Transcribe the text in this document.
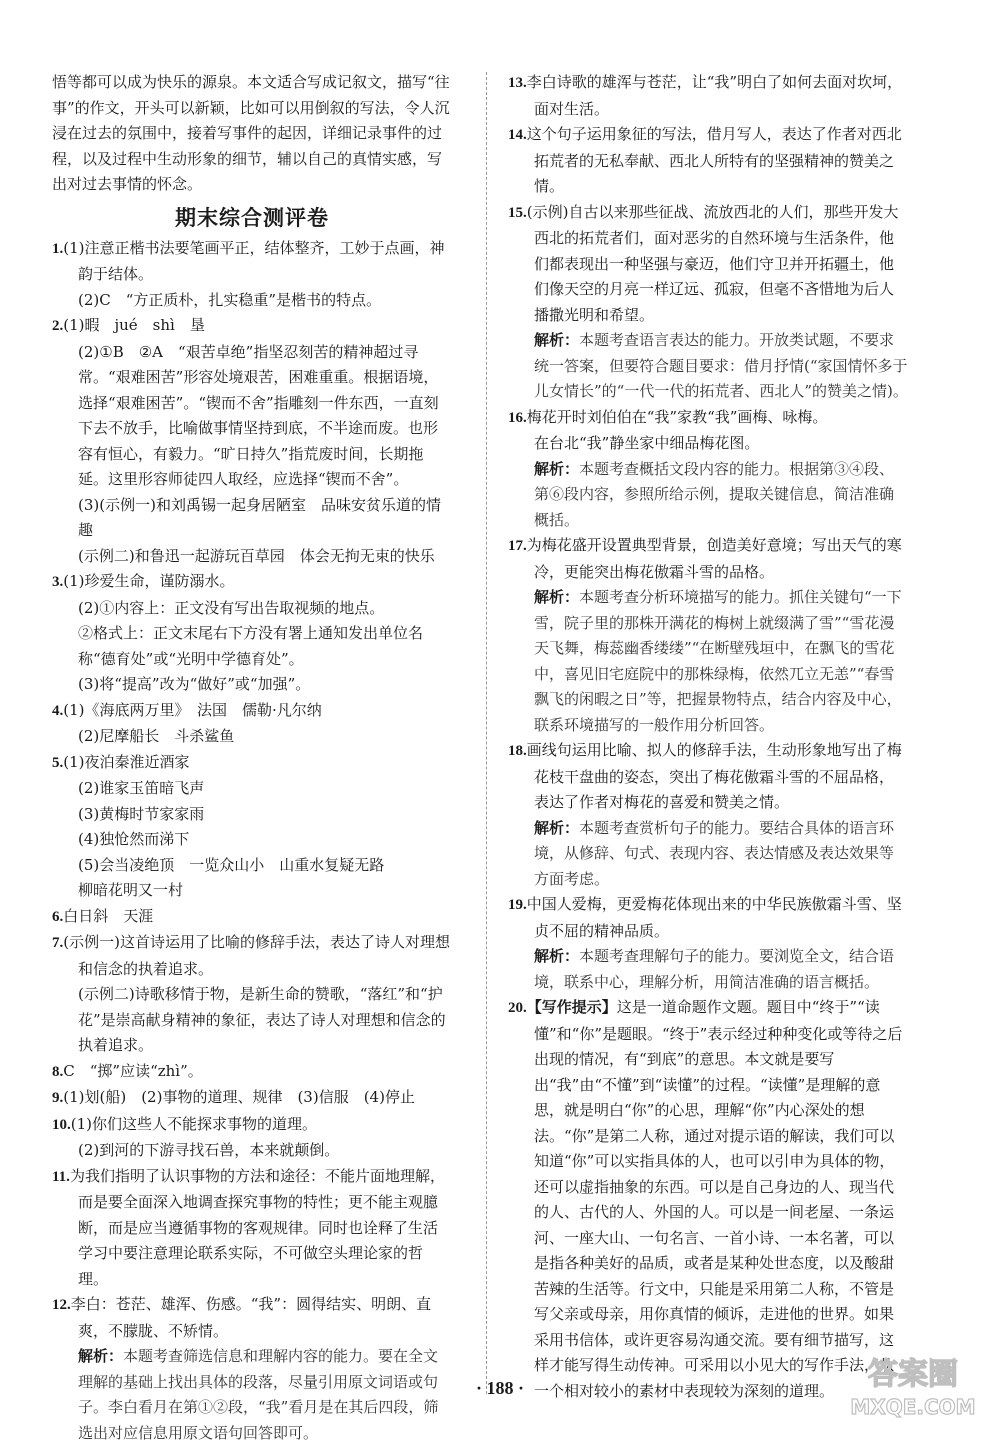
悟等都可以成为快乐的源泉。本文适合写成记叙文，描写“往事”的作文，开头可以新颖，比如可以用倒叙的写法，令人沉浸在过去的氛围中，接着写事件的起因，详细记录事件的过程，以及过程中生动形象的细节，辅以自己的真情实感，写出对过去事情的怀念。

期末综合测评卷

1.(1)注意正楷书法要笔画平正，结体整齐，工妙于点画，神韵于结体。

(2)C　“方正质朴，扎实稳重”是楷书的特点。

2.(1)暇　jué　shì　垦

(2)①B　②A　“艰苦卓绝”指坚忍刻苦的精神超过寻常。“艰难困苦”形容处境艰苦，困难重重。根据语境，选择“艰难困苦”。“锲而不舍”指雕刻一件东西，一直刻下去不放手，比喻做事情坚持到底，不半途而废。也形容有恒心，有毅力。“旷日持久”指荒废时间，长期拖延。这里形容师徒四人取经，应选择“锲而不舍”。

(3)(示例一)和刘禹锡一起身居陋室　品味安贫乐道的情趣

(示例二)和鲁迅一起游玩百草园　体会无拘无束的快乐

3.(1)珍爱生命，谨防溺水。

(2)①内容上：正文没有写出告取视频的地点。

②格式上：正文末尾右下方没有署上通知发出单位名称“德育处”或“光明中学德育处”。

(3)将“提高”改为“做好”或“加强”。

4.(1)《海底两万里》　法国　儒勒·凡尔纳

(2)尼摩船长　斗杀鲨鱼

5.(1)夜泊秦淮近酒家

(2)谁家玉笛暗飞声

(3)黄梅时节家家雨

(4)独怆然而涕下

(5)会当凌绝顶　一览众山小　山重水复疑无路

柳暗花明又一村

6.白日斜　天涯

7.(示例一)这首诗运用了比喻的修辞手法，表达了诗人对理想和信念的执着追求。

(示例二)诗歌移情于物，是新生命的赞歌，“落红”和“护花”是崇高献身精神的象征，表达了诗人对理想和信念的执着追求。

8.C　“掷”应读“zhì”。

9.(1)划(船)　(2)事物的道理、规律　(3)信服　(4)停止

10.(1)你们这些人不能探求事物的道理。

(2)到河的下游寻找石兽，本来就颠倒。

11.为我们指明了认识事物的方法和途径：不能片面地理解，而是要全面深入地调查探究事物的特性；更不能主观臆断，而是应当遵循事物的客观规律。同时也诠释了生活学习中要注意理论联系实际，不可做空头理论家的哲理。

12.李白：苍茫、雄浑、伤感。“我”：圆得结实、明朗、直爽，不朦胧、不矫情。

解析：本题考查筛选信息和理解内容的能力。要在全文理解的基础上找出具体的段落，尽量引用原文词语或句子。李白看月在第①②段，“我”看月是在其后四段，筛选出对应信息用原文语句回答即可。

13.李白诗歌的雄浑与苍茫，让“我”明白了如何去面对坎坷，面对生活。

14.这个句子运用象征的写法，借月写人，表达了作者对西北拓荒者的无私奉献、西北人所特有的坚强精神的赞美之情。

15.(示例)自古以来那些征战、流放西北的人们，那些开发大西北的拓荒者们，面对恶劣的自然环境与生活条件，他们都表现出一种坚强与豪迈，他们守卫并开拓疆土，他们像天空的月亮一样辽远、孤寂，但毫不吝惜地为后人播撒光明和希望。

解析：本题考查语言表达的能力。开放类试题，不要求统一答案，但要符合题目要求：借月抒情(“家国情怀多于儿女情长”的“一代一代的拓荒者、西北人”的赞美之情)。

16.梅花开时刘伯伯在“我”家教“我”画梅、咏梅。

在台北“我”静坐家中细品梅花图。

解析：本题考查概括文段内容的能力。根据第③④段、第⑥段内容，参照所给示例，提取关键信息，简洁准确概括。

17.为梅花盛开设置典型背景，创造美好意境；写出天气的寒冷，更能突出梅花傲霜斗雪的品格。

解析：本题考查分析环境描写的能力。抓住关键句“一下雪，院子里的那株开满花的梅树上就缀满了雪”“雪花漫天飞舞，梅蕊幽香缕缕”“在断壁残垣中，在飘飞的雪花中，喜见旧宅庭院中的那株绿梅，依然兀立无恙”“春雪飘飞的闲暇之日”等，把握景物特点，结合内容及中心，联系环境描写的一般作用分析回答。

18.画线句运用比喻、拟人的修辞手法，生动形象地写出了梅花枝干盘曲的姿态，突出了梅花傲霜斗雪的不屈品格，表达了作者对梅花的喜爱和赞美之情。

解析：本题考查赏析句子的能力。要结合具体的语言环境，从修辞、句式、表现内容、表达情感及表达效果等方面考虑。

19.中国人爱梅，更爱梅花体现出来的中华民族傲霜斗雪、坚贞不屈的精神品质。

解析：本题考查理解句子的能力。要浏览全文，结合语境，联系中心，理解分析，用简洁准确的语言概括。

20.【写作提示】这是一道命题作文题。题目中“终于”“读懂”和“你”是题眼。“终于”表示经过种种变化或等待之后出现的情况，有“到底”的意思。本文就是要写出“我”由“不懂”到“读懂”的过程。“读懂”是理解的意思，就是明白“你”的心思，理解“你”内心深处的想法。“你”是第二人称，通过对提示语的解读，我们可以知道“你”可以实指具体的人，也可以引申为具体的物，还可以虚指抽象的东西。可以是自己身边的人、现当代的人、古代的人、外国的人。可以是一间老屋、一条运河、一座大山、一句名言、一首小诗、一本名著，可以是指各种美好的品质，或者是某种处世态度，以及酸甜苦辣的生活等。行文中，只能是采用第二人称，不管是写父亲或母亲，用你真情的倾诉，走进他的世界。如果采用书信体，或许更容易沟通交流。要有细节描写，这样才能写得生动传神。可采用以小见大的写作手法，从一个相对较小的素材中表现较为深刻的道理。

· 188 ·	答案圈
MXQE.COM
